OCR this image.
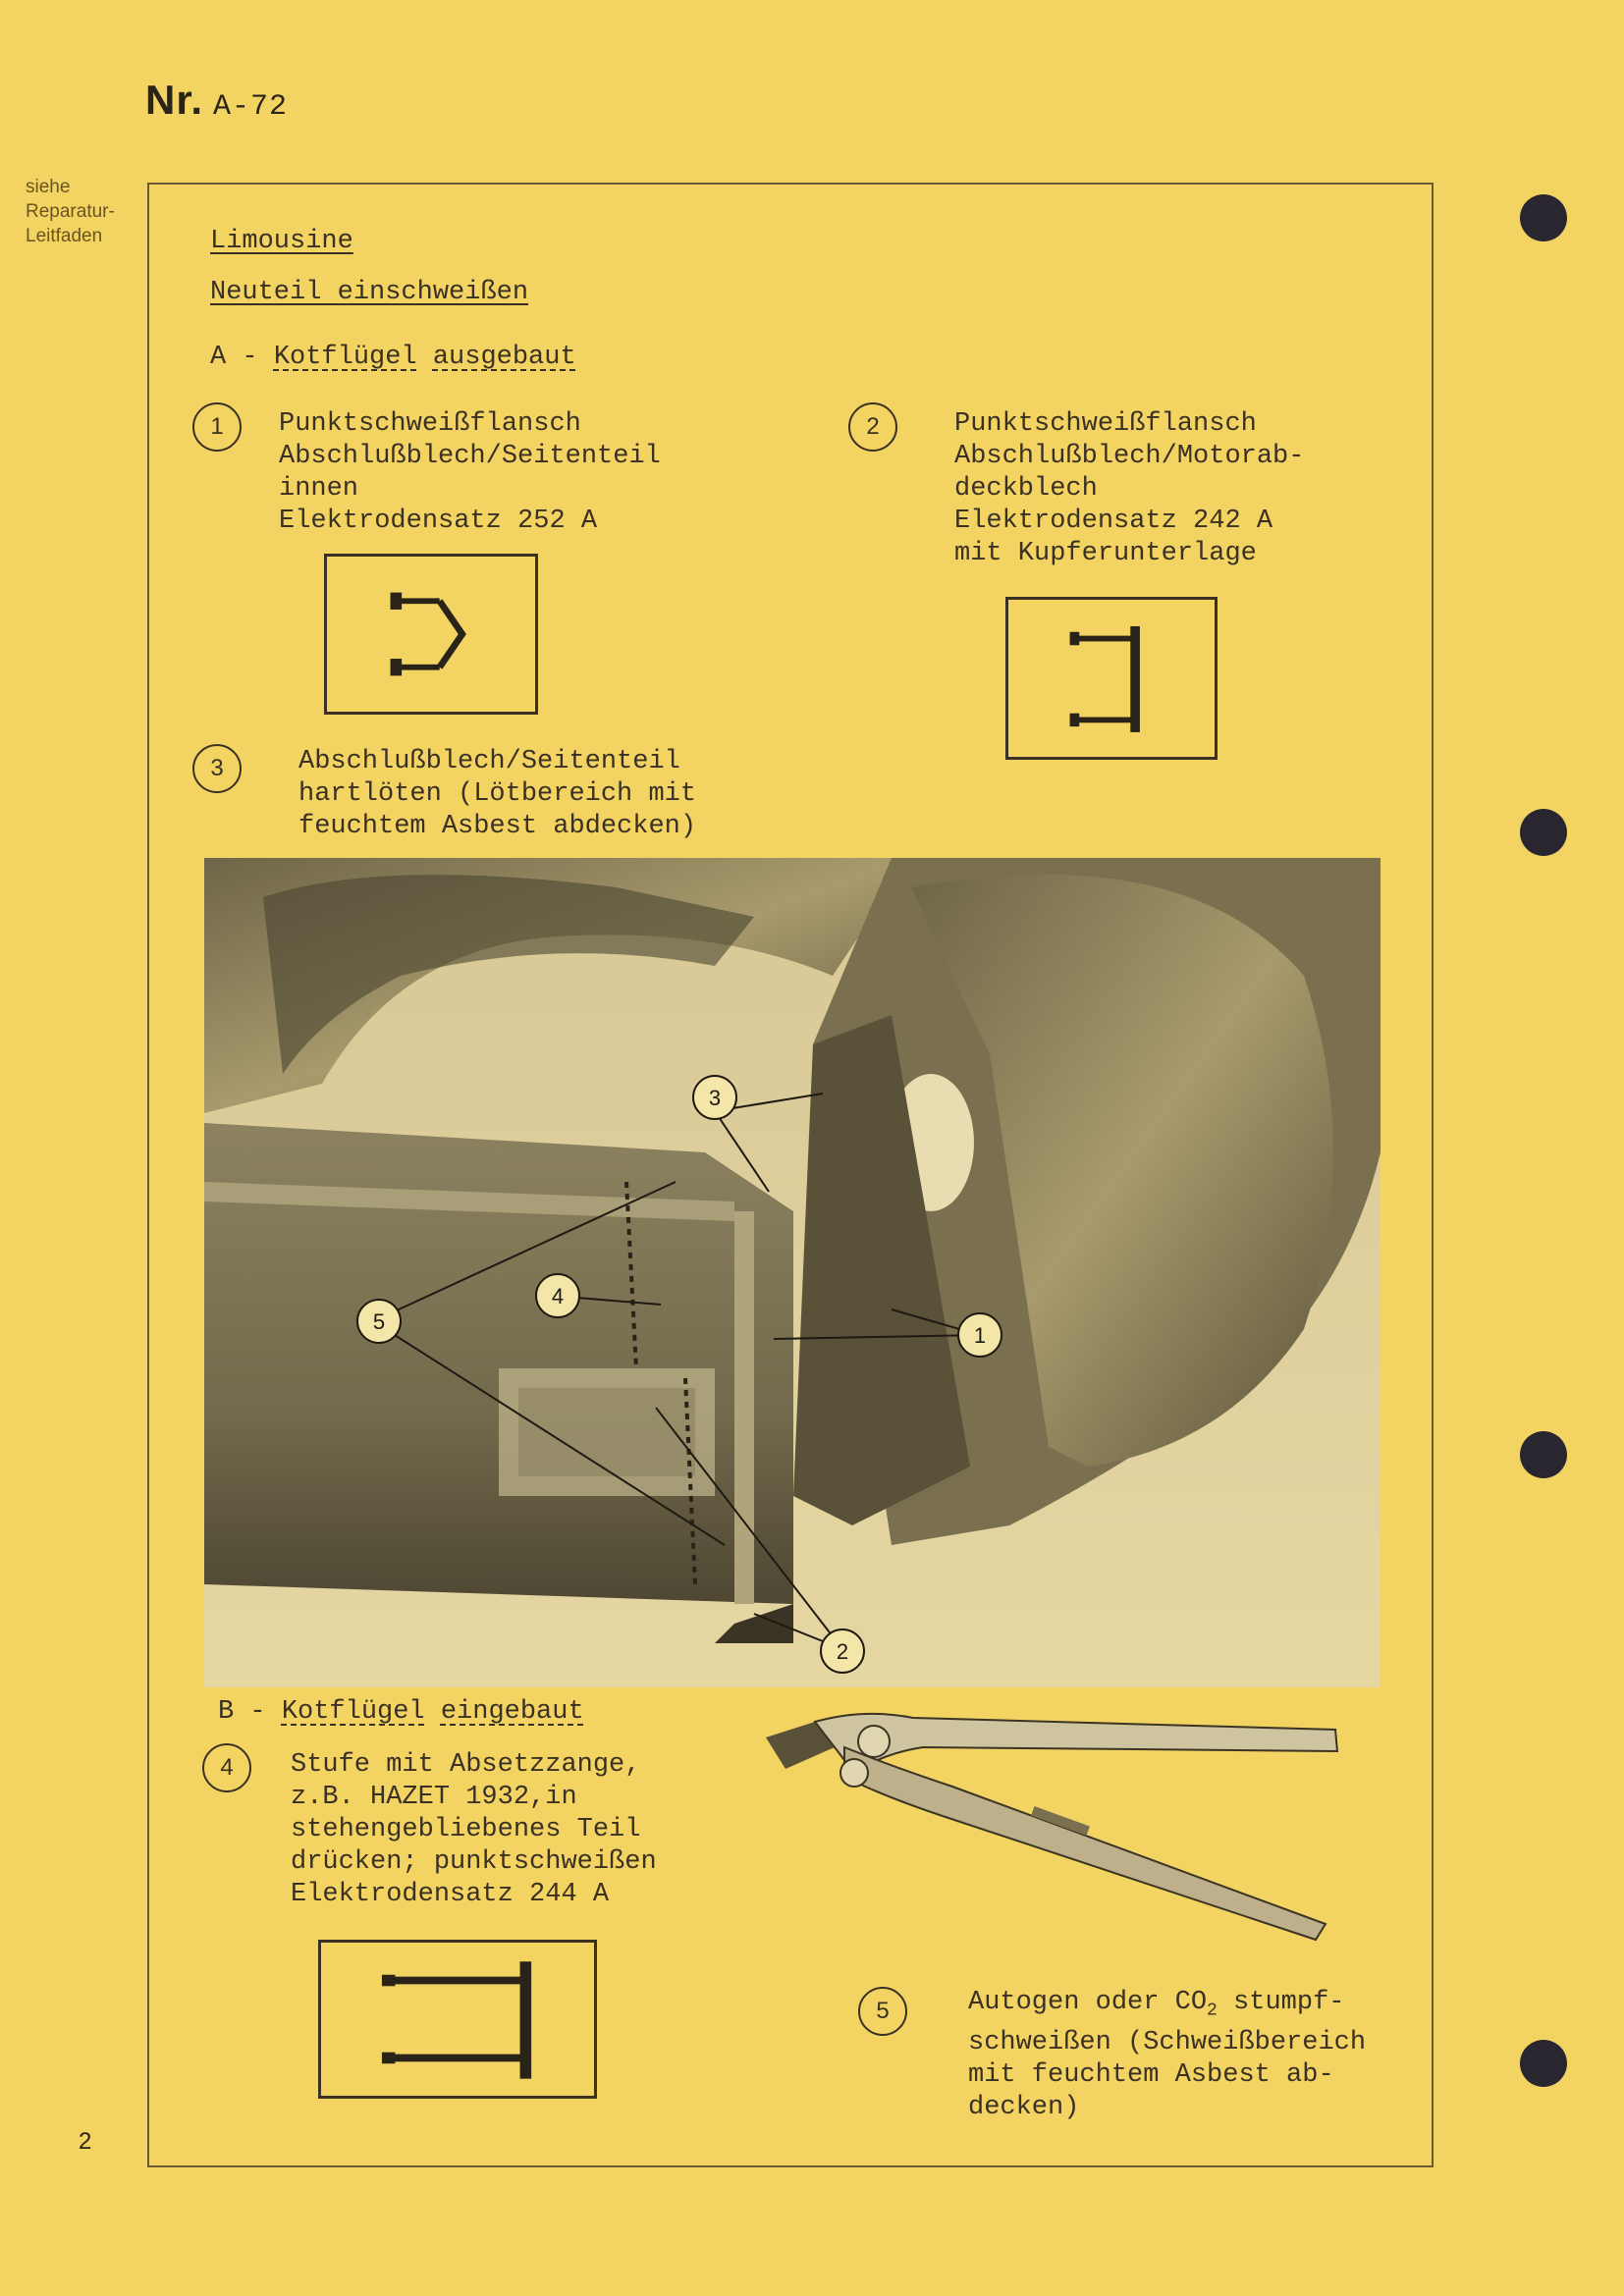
Nr. A-72
siehe
Reparatur-
Leitfaden
2
Limousine
Neuteil einschweißen
A - Kotflügel ausgebaut
1	Punktschweißflansch
Abschlußblech/Seitenteil
innen
Elektrodensatz 252 A
2	Punktschweißflansch
Abschlußblech/Motorab-
deckblech
Elektrodensatz 242 A
mit Kupferunterlage
3	Abschlußblech/Seitenteil
hartlöten (Lötbereich mit
feuchtem Asbest abdecken)
3
4
5
1
2
B - Kotflügel eingebaut
4	Stufe mit Absetzzange,
z.B. HAZET 1932,in
stehengebliebenes Teil
drücken; punktschweißen
Elektrodensatz 244 A
5	Autogen oder $CO_2$ stumpf-
schweißen (Schweißbereich
mit feuchtem Asbest ab-
decken)
